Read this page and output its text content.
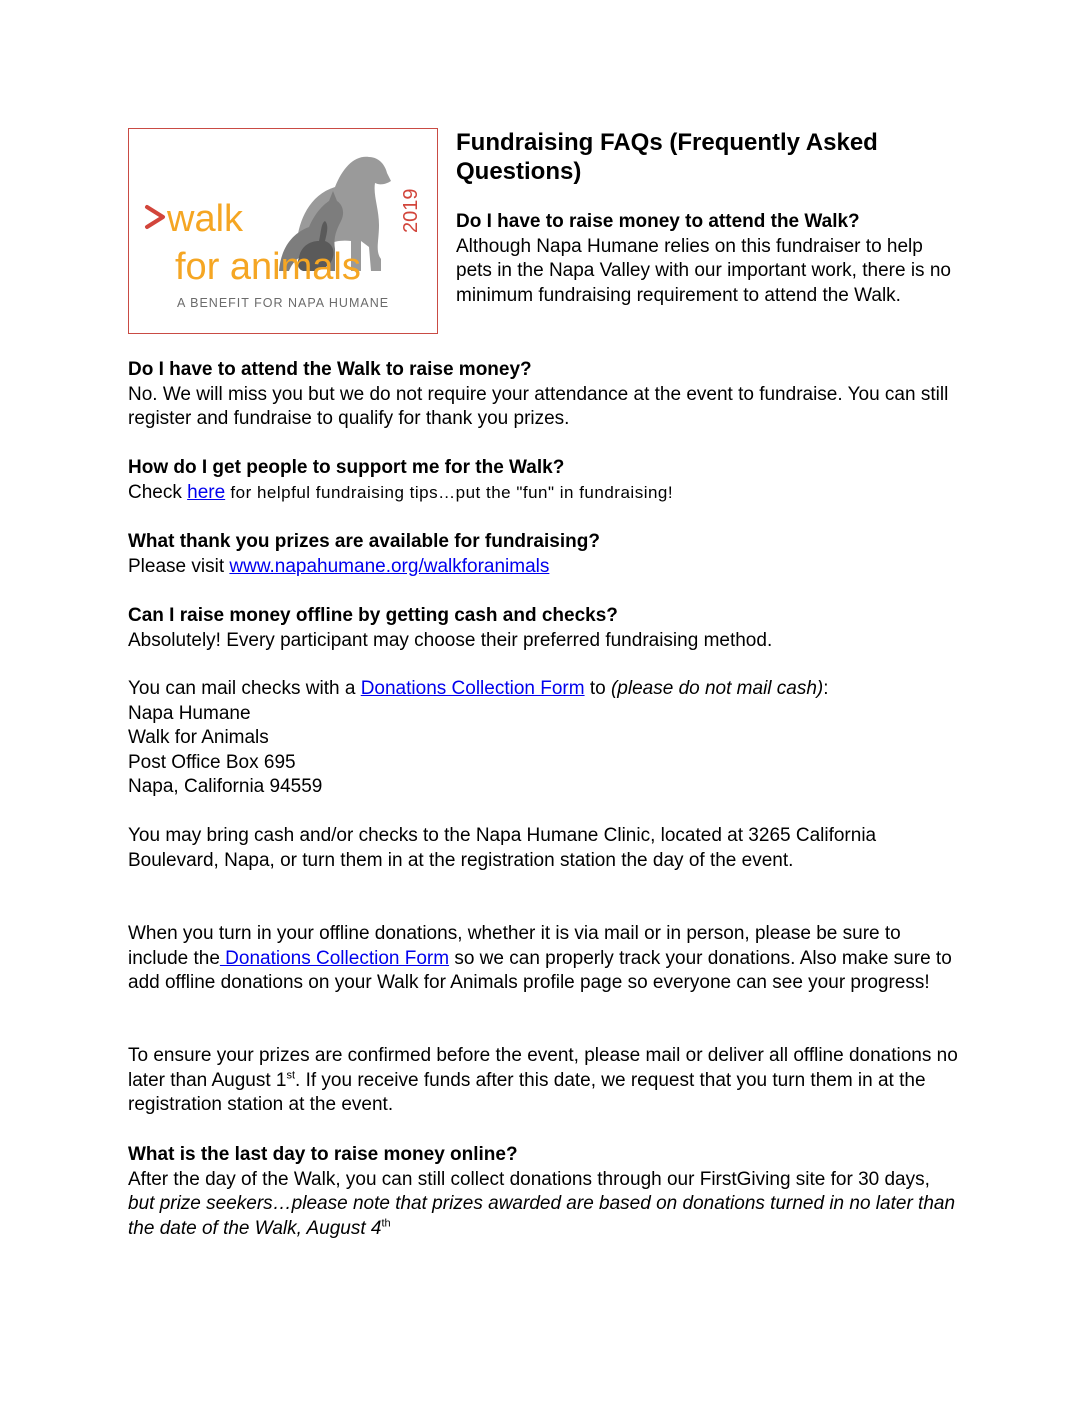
walk
for animals
2019
A BENEFIT FOR NAPA HUMANE
Fundraising FAQs (Frequently Asked Questions)

Do I have to raise money to attend the Walk?

Although Napa Humane relies on this fundraiser to help pets in the Napa Valley with our important work, there is no minimum fundraising requirement to attend the Walk.

Do I have to attend the Walk to raise money?

No. We will miss you but we do not require your attendance at the event to fundraise. You can still register and fundraise to qualify for thank you prizes.

How do I get people to support me for the Walk?

Check here for helpful fundraising tips…put the "fun" in fundraising!

What thank you prizes are available for fundraising?

Please visit www.napahumane.org/walkforanimals

Can I raise money offline by getting cash and checks?

Absolutely! Every participant may choose their preferred fundraising method.

You can mail checks with a Donations Collection Form to (please do not mail cash):

Napa Humane

Walk for Animals

Post Office Box 695

Napa, California 94559

You may bring cash and/or checks to the Napa Humane Clinic, located at 3265 California Boulevard, Napa, or turn them in at the registration station the day of the event.

When you turn in your offline donations, whether it is via mail or in person, please be sure to include the Donations Collection Form so we can properly track your donations. Also make sure to add offline donations on your Walk for Animals profile page so everyone can see your progress!

To ensure your prizes are confirmed before the event, please mail or deliver all offline donations no later than August 1st. If you receive funds after this date, we request that you turn them in at the registration station at the event.

What is the last day to raise money online?

After the day of the Walk, you can still collect donations through our FirstGiving site for 30 days, but prize seekers…please note that prizes awarded are based on donations turned in no later than the date of the Walk, August 4th
